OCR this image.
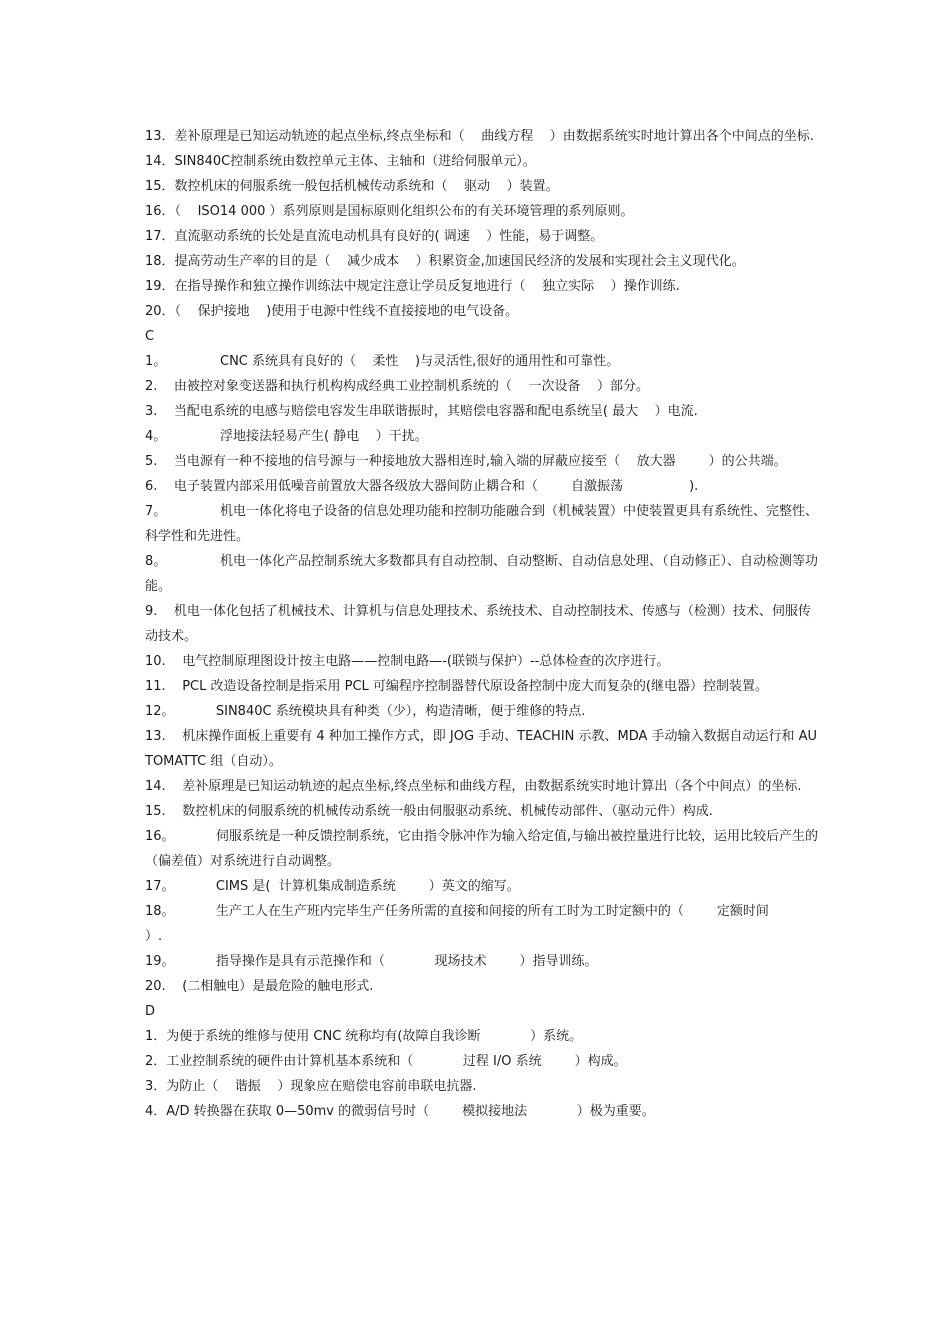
13．差补原理是已知运动轨迹的起点坐标,终点坐标和（    曲线方程    ）由数据系统实时地计算出各个中间点的坐标.
14．SIN840C控制系统由数控单元主体、主轴和（进给伺服单元）。
15．数控机床的伺服系统一般包括机械传动系统和（    驱动    ）装置。
16．（    ISO14 000 ）系列原则是国标原则化组织公布的有关环境管理的系列原则。
17．直流驱动系统的长处是直流电动机具有良好的( 调速    ）性能，易于调整。
18．提高劳动生产率的目的是（    减少成本    ）积累资金,加速国民经济的发展和实现社会主义现代化。
19．在指导操作和独立操作训练法中规定注意让学员反复地进行（    独立实际    ）操作训练.
20．（    保护接地    )使用于电源中性线不直接接地的电气设备。
C
1。             CNC 系统具有良好的（    柔性    )与灵活性,很好的通用性和可靠性。
2.    由被控对象变送器和执行机构构成经典工业控制机系统的（    一次设备    ）部分。
3.    当配电系统的电感与赔偿电容发生串联谐振时，其赔偿电容器和配电系统呈( 最大    ）电流.
4。             浮地接法轻易产生( 静电    ）干扰。
5.    当电源有一种不接地的信号源与一种接地放大器相连时,输入端的屏蔽应接至（    放大器        ）的公共端。
6.    电子装置内部采用低噪音前置放大器各级放大器间防止耦合和（        自激振荡                ).
7。             机电一体化将电子设备的信息处理功能和控制功能融合到（机械装置）中使装置更具有系统性、完整性、科学性和先进性。
8。             机电一体化产品控制系统大多数都具有自动控制、自动整断、自动信息处理、（自动修正）、自动检测等功能。
9.    机电一体化包括了机械技术、计算机与信息处理技术、系统技术、自动控制技术、传感与（检测）技术、伺服传动技术。
10.    电气控制原理图设计按主电路——控制电路—-(联锁与保护）--总体检查的次序进行。
11.    PCL 改造设备控制是指采用 PCL 可编程序控制器替代原设备控制中庞大而复杂的(继电器）控制装置。
12。          SIN840C 系统模块具有种类（少），构造清晰，便于维修的特点.
13.    机床操作面板上重要有 4 种加工操作方式，即 JOG 手动、TEACHIN 示教、MDA 手动输入数据自动运行和 AUTOMATTC 组（自动）。
14.    差补原理是已知运动轨迹的起点坐标,终点坐标和曲线方程，由数据系统实时地计算出（各个中间点）的坐标.
15.    数控机床的伺服系统的机械传动系统一般由伺服驱动系统、机械传动部件、（驱动元件）构成.
16。          伺服系统是一种反馈控制系统，它由指令脉冲作为输入给定值,与输出被控量进行比较，运用比较后产生的（偏差值）对系统进行自动调整。
17。          CIMS 是(  计算机集成制造系统        ）英文的缩写。
18。          生产工人在生产班内完毕生产任务所需的直接和间接的所有工时为工时定额中的（        定额时间                ）.
19。          指导操作是具有示范操作和（            现场技术        ）指导训练。
20.    (二相触电）是最危险的触电形式.
D
1．为便于系统的维修与使用 CNC 统称均有(故障自我诊断            ）系统。
2．工业控制系统的硬件由计算机基本系统和（            过程 I/O 系统        ）构成。
3．为防止（    谐振    ）现象应在赔偿电容前串联电抗器.
4．A/D 转换器在获取 0—50mv 的微弱信号时（        模拟接地法            ）极为重要。
